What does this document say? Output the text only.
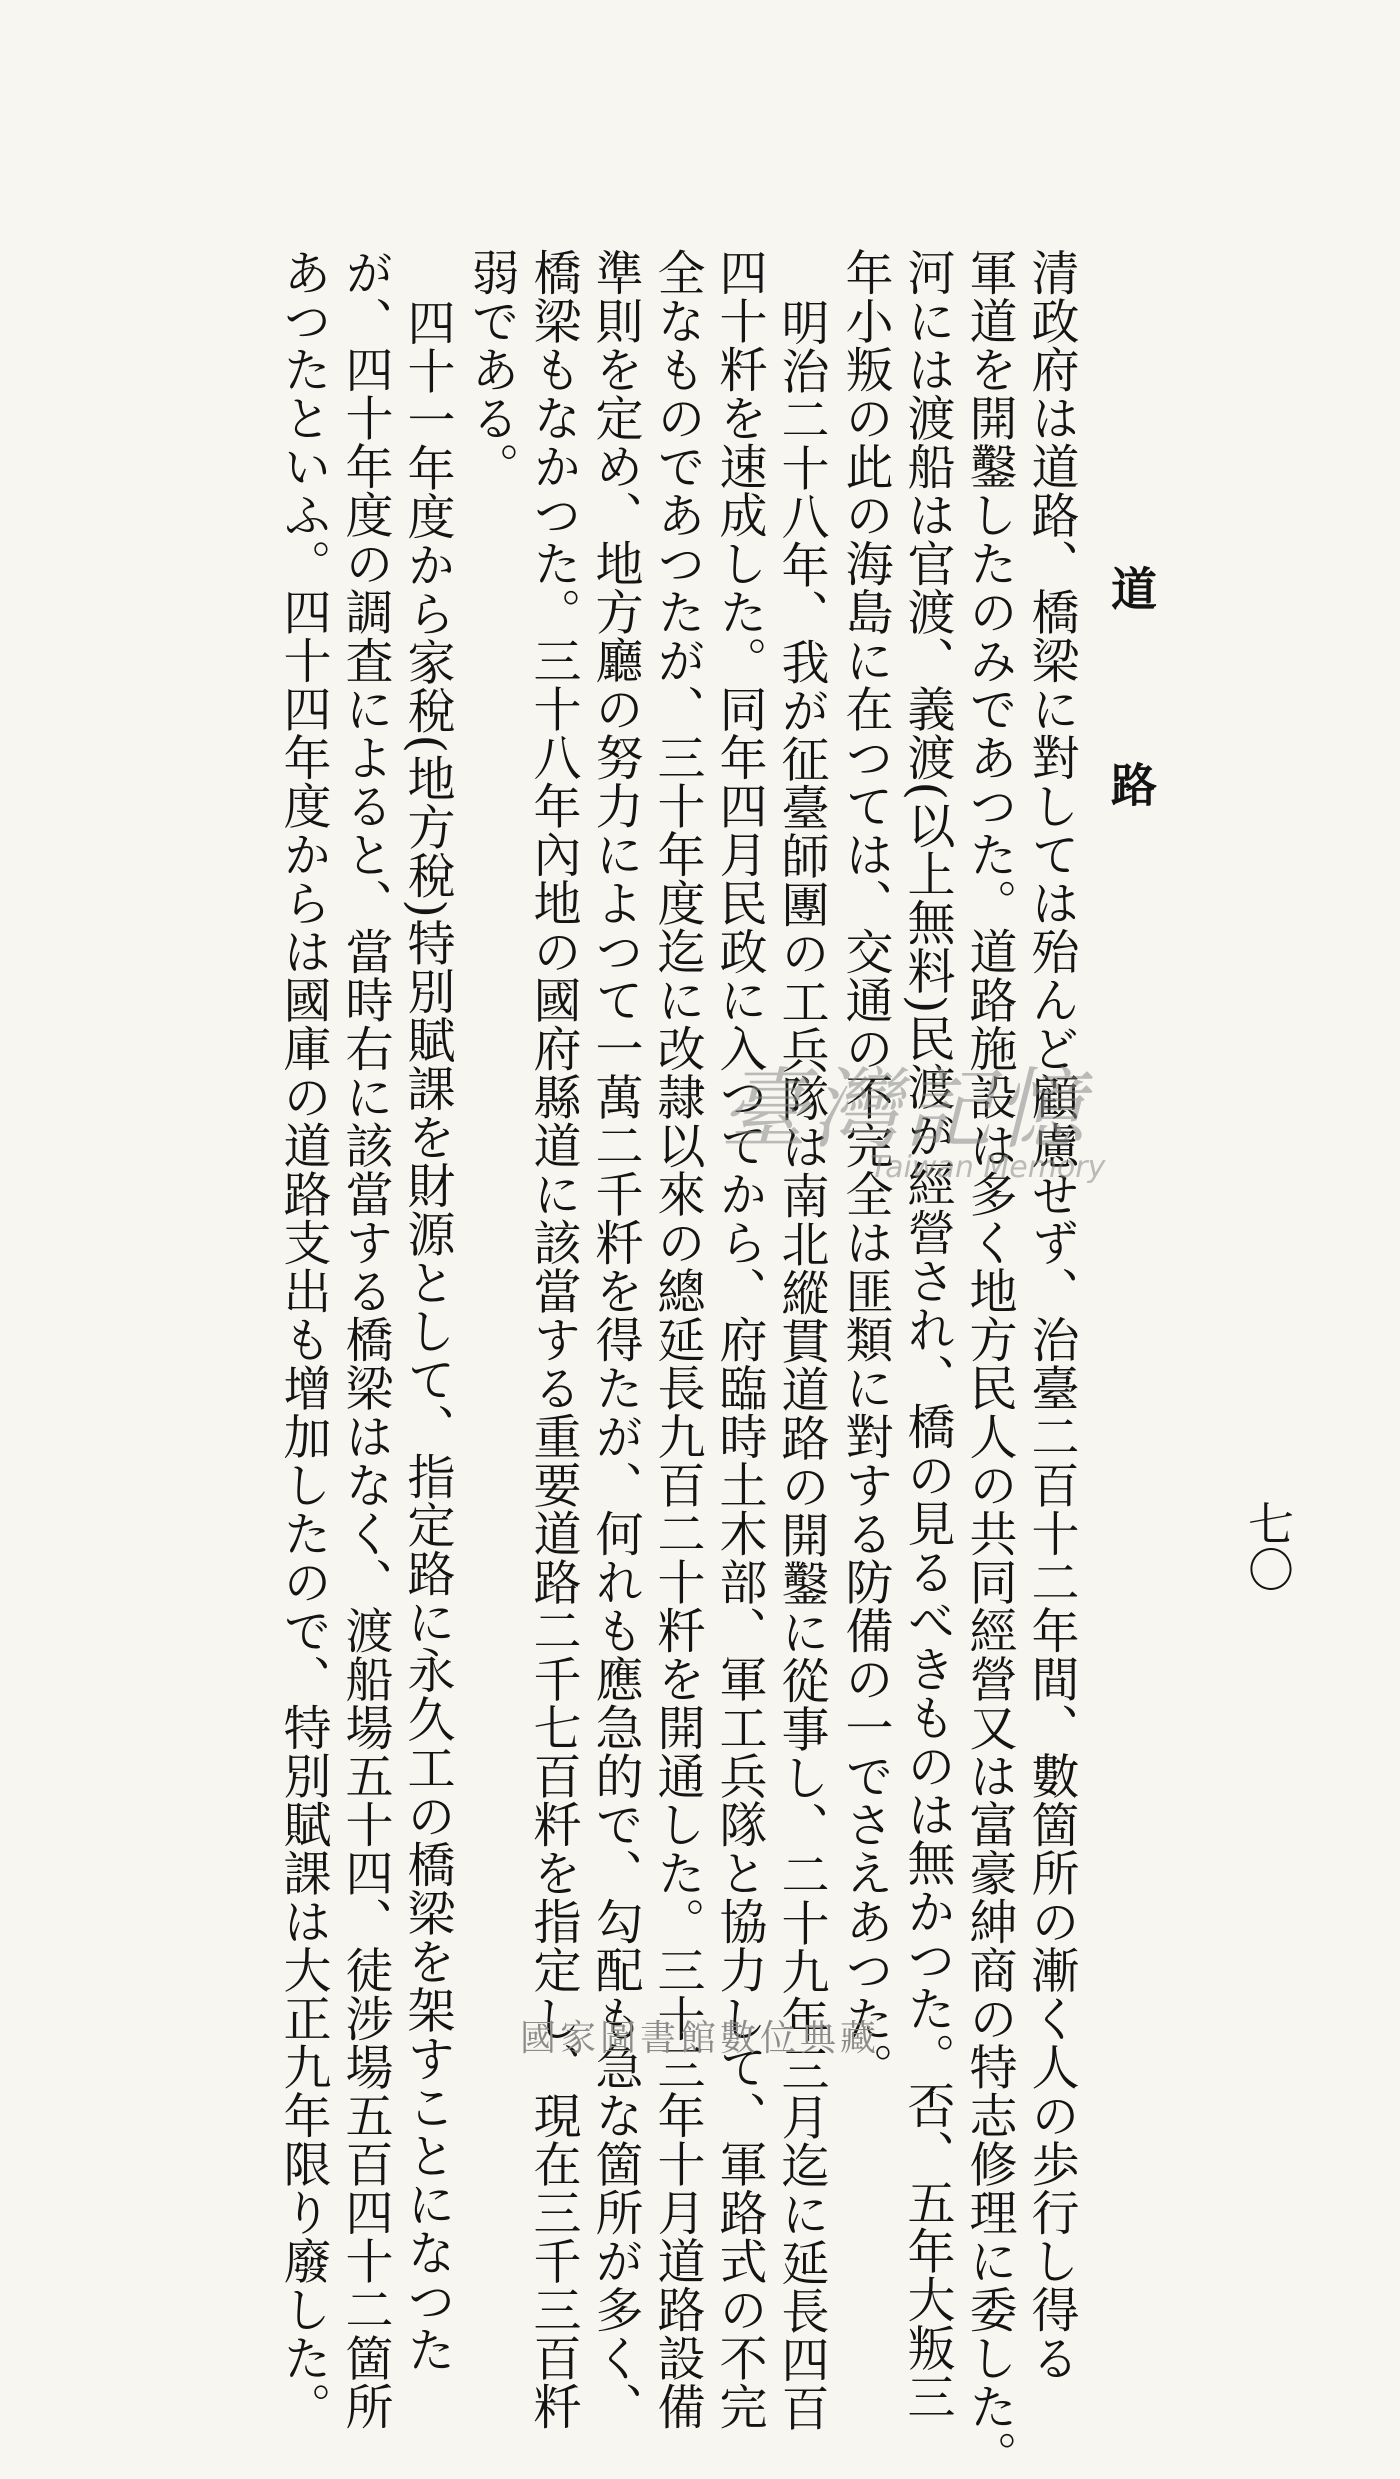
道路
七〇
清政府は道路、橋梁に對しては殆んど顧慮せず、治臺二百十二年間、數箇所の漸く人の歩行し得る
軍道を開鑿したのみであつた。道路施設は多く地方民人の共同經營又は富豪紳商の特志修理に委した。
河には渡船は官渡、義渡(以上無料)民渡が經營され、橋の見るべきものは無かつた。否、五年大叛三
年小叛の此の海島に在つては、交通の不完全は匪類に對する防備の一でさえあつた。
明治二十八年、我が征臺師團の工兵隊は南北縱貫道路の開鑿に從事し、二十九年三月迄に延長四百
四十粁を速成した。同年四月民政に入つてから、府臨時土木部、軍工兵隊と協力して、軍路式の不完
全なものであつたが、三十年度迄に改隷以來の總延長九百二十粁を開通した。三十三年十月道路設備
準則を定め、地方廳の努力によつて一萬二千粁を得たが、何れも應急的で、勾配も急な箇所が多く、
橋梁もなかつた。三十八年內地の國府縣道に該當する重要道路二千七百粁を指定し、現在三千三百粁
弱である。
四十一年度から家稅(地方稅)特別賦課を財源として、指定路に永久工の橋梁を架すことになつた
が、四十年度の調査によると、當時右に該當する橋梁はなく、渡船場五十四、徒涉場五百四十二箇所
あつたといふ。四十四年度からは國庫の道路支出も增加したので、特別賦課は大正九年限り廢した。	臺灣記憶
Taiwan Memory
國家圖書館數位典藏
